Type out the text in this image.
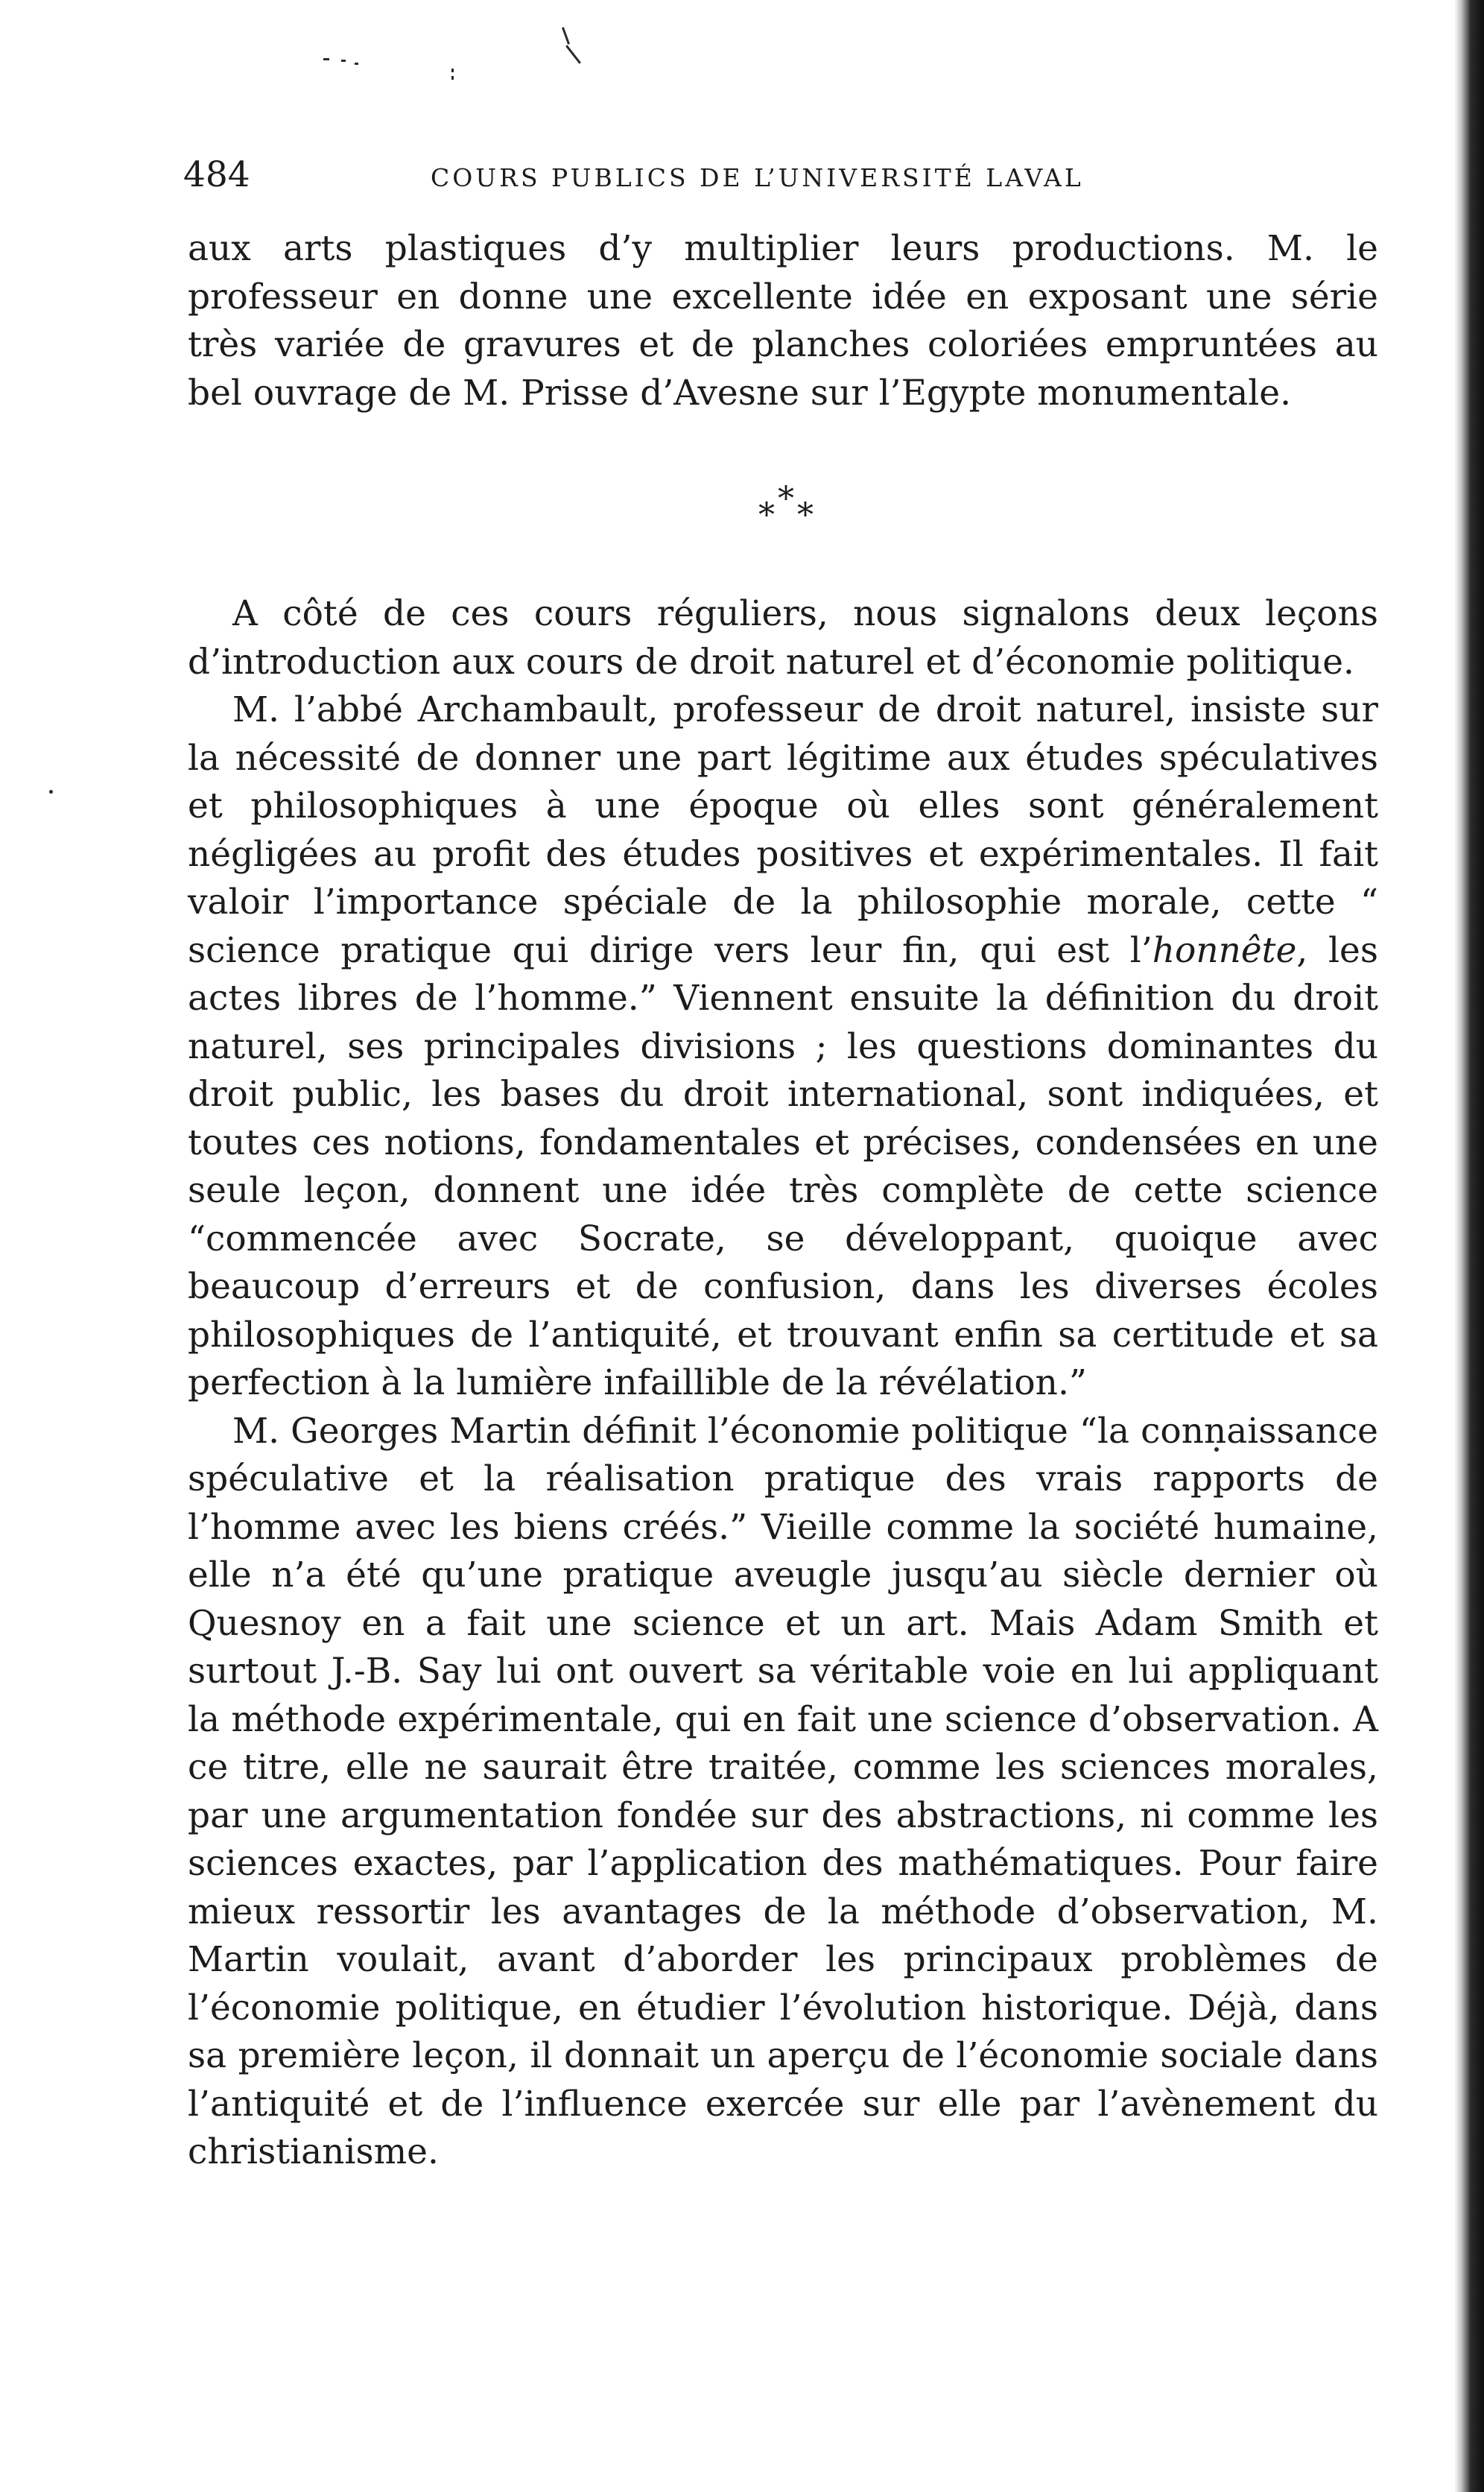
484	COURS PUBLICS DE L’UNIVERSITÉ LAVAL

aux arts plastiques d’y multiplier leurs productions. M. le professeur en donne une excellente idée en exposant une série très variée de gravures et de planches coloriées empruntées au bel ouvrage de M. Prisse d’Avesne sur l’Egypte monumentale.

*
* *

A côté de ces cours réguliers, nous signalons deux leçons d’introduction aux cours de droit naturel et d’économie politique.

M. l’abbé Archambault, professeur de droit naturel, insiste sur la nécessité de donner une part légitime aux études spéculatives et philosophiques à une époque où elles sont généralement négligées au profit des études positives et expérimentales. Il fait valoir l’importance spéciale de la philosophie morale, cette “ science pratique qui dirige vers leur fin, qui est l’honnête, les actes libres de l’homme.” Viennent ensuite la définition du droit naturel, ses principales divisions ; les questions dominantes du droit public, les bases du droit international, sont indiquées, et toutes ces notions, fondamentales et précises, condensées en une seule leçon, donnent une idée très complète de cette science “commencée avec Socrate, se développant, quoique avec beaucoup d’erreurs et de confusion, dans les diverses écoles philosophiques de l’antiquité, et trouvant enfin sa certitude et sa perfection à la lumière infaillible de la révélation.”

M. Georges Martin définit l’économie politique “la connaissance spéculative et la réalisation pratique des vrais rapports de l’homme avec les biens créés.” Vieille comme la société humaine, elle n’a été qu’une pratique aveugle jusqu’au siècle dernier où Quesnoy en a fait une science et un art. Mais Adam Smith et surtout J.-B. Say lui ont ouvert sa véritable voie en lui appliquant la méthode expérimentale, qui en fait une science d’observation. A ce titre, elle ne saurait être traitée, comme les sciences morales, par une argumentation fondée sur des abstractions, ni comme les sciences exactes, par l’application des mathématiques. Pour faire mieux ressortir les avantages de la méthode d’observation, M. Martin voulait, avant d’aborder les principaux problèmes de l’économie politique, en étudier l’évolution historique. Déjà, dans sa première leçon, il donnait un aperçu de l’économie sociale dans l’antiquité et de l’influence exercée sur elle par l’avènement du christianisme.
